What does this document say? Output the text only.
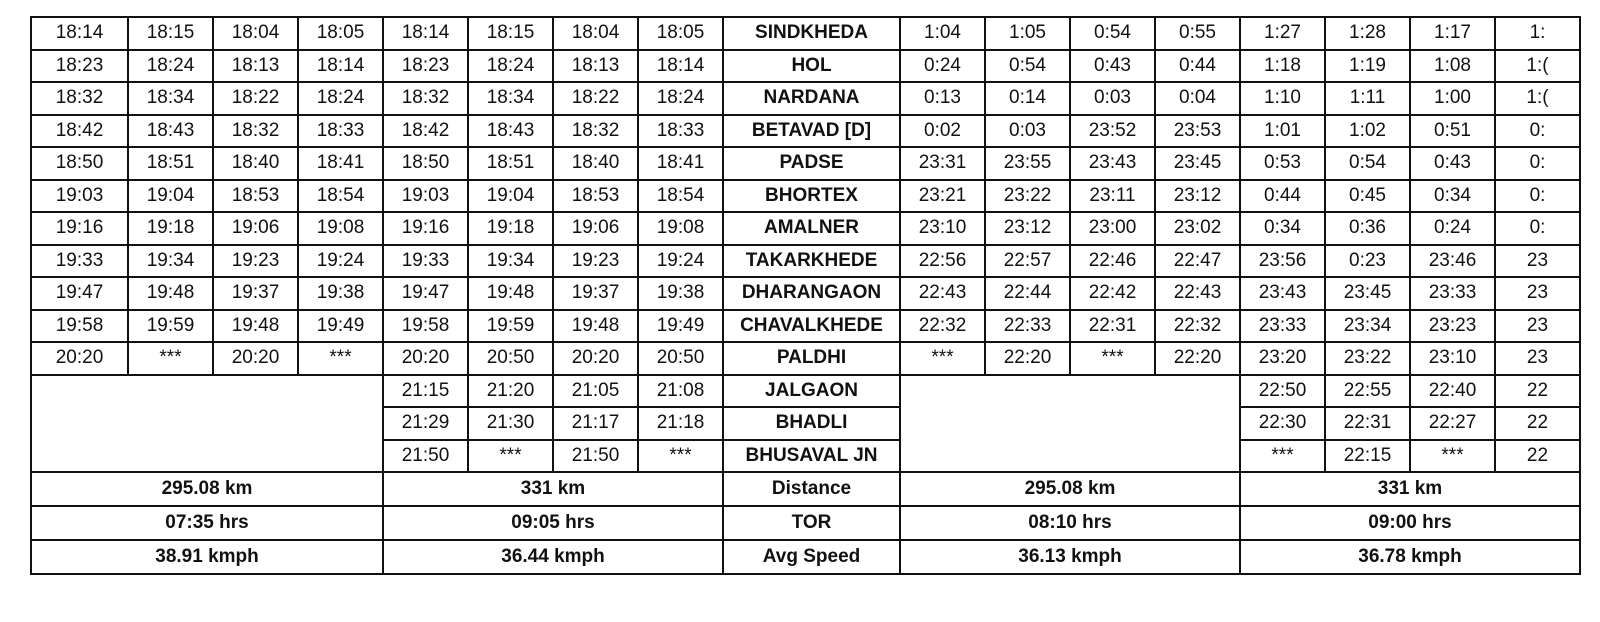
18:14	18:15	18:04	18:05	18:14	18:15	18:04	18:05	SINDKHEDA	1:04	1:05	0:54	0:55	1:27	1:28	1:17	1:
18:23	18:24	18:13	18:14	18:23	18:24	18:13	18:14	HOL	0:24	0:54	0:43	0:44	1:18	1:19	1:08	1:(
18:32	18:34	18:22	18:24	18:32	18:34	18:22	18:24	NARDANA	0:13	0:14	0:03	0:04	1:10	1:11	1:00	1:(
18:42	18:43	18:32	18:33	18:42	18:43	18:32	18:33	BETAVAD [D]	0:02	0:03	23:52	23:53	1:01	1:02	0:51	0:
18:50	18:51	18:40	18:41	18:50	18:51	18:40	18:41	PADSE	23:31	23:55	23:43	23:45	0:53	0:54	0:43	0:
19:03	19:04	18:53	18:54	19:03	19:04	18:53	18:54	BHORTEX	23:21	23:22	23:11	23:12	0:44	0:45	0:34	0:
19:16	19:18	19:06	19:08	19:16	19:18	19:06	19:08	AMALNER	23:10	23:12	23:00	23:02	0:34	0:36	0:24	0:
19:33	19:34	19:23	19:24	19:33	19:34	19:23	19:24	TAKARKHEDE	22:56	22:57	22:46	22:47	23:56	0:23	23:46	23
19:47	19:48	19:37	19:38	19:47	19:48	19:37	19:38	DHARANGAON	22:43	22:44	22:42	22:43	23:43	23:45	23:33	23
19:58	19:59	19:48	19:49	19:58	19:59	19:48	19:49	CHAVALKHEDE	22:32	22:33	22:31	22:32	23:33	23:34	23:23	23
20:20	***	20:20	***	20:20	20:50	20:20	20:50	PALDHI	***	22:20	***	22:20	23:20	23:22	23:10	23
				21:15	21:20	21:05	21:08	JALGAON					22:50	22:55	22:40	22
				21:29	21:30	21:17	21:18	BHADLI					22:30	22:31	22:27	22
				21:50	***	21:50	***	BHUSAVAL JN					***	22:15	***	22
295.08 km				331 km				Distance	295.08 km				331 km			
07:35 hrs				09:05 hrs				TOR	08:10 hrs				09:00 hrs			
38.91 kmph				36.44 kmph				Avg Speed	36.13 kmph				36.78 kmph			
